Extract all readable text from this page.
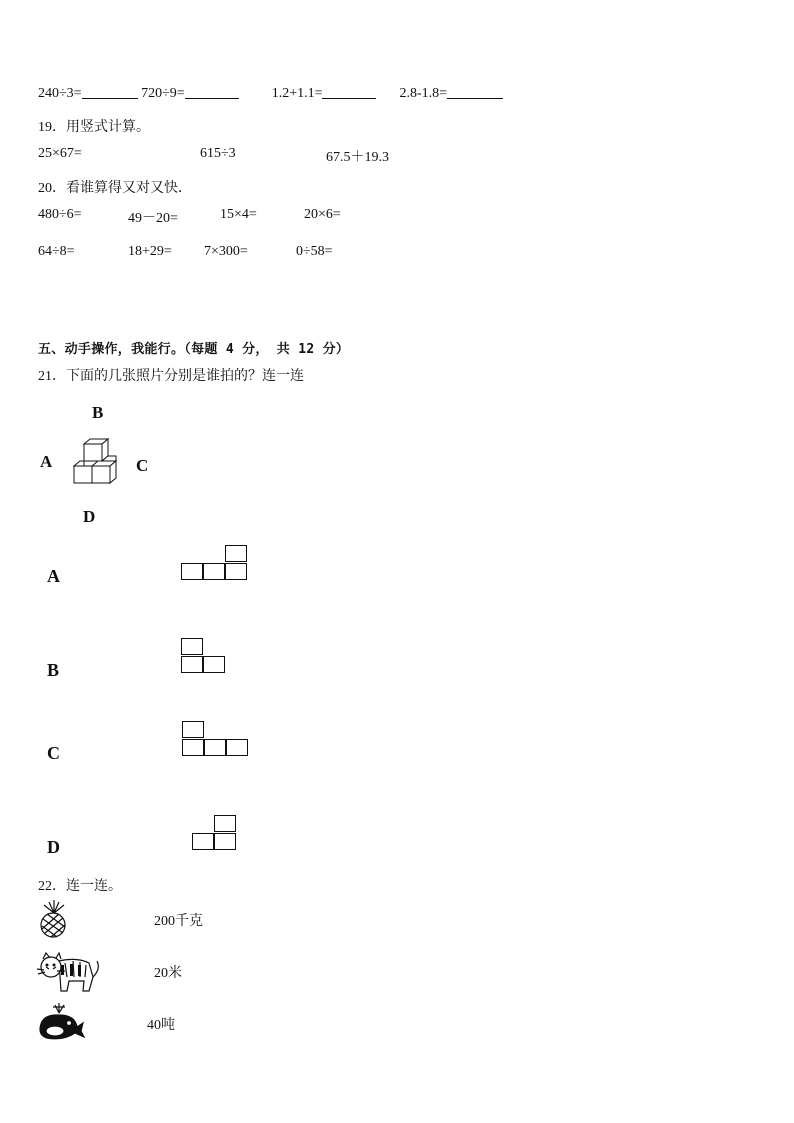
240÷3=	720÷9=	1.2+1.1=	2.8-1.8=
19．用竖式计算。
25×67=	615÷3	67.5＋19.3
20．看谁算得又对又快．
480÷6=	49－20=	15×4=	20×6=
64÷8=	18+29= 7×300=	0÷58=
五、动手操作，我能行。（每题 4 分， 共 12 分）
21．下面的几张照片分别是谁拍的？连一连
B
A	C
D
A
B
C
D
22．连一连。
200千克
20米
40吨
